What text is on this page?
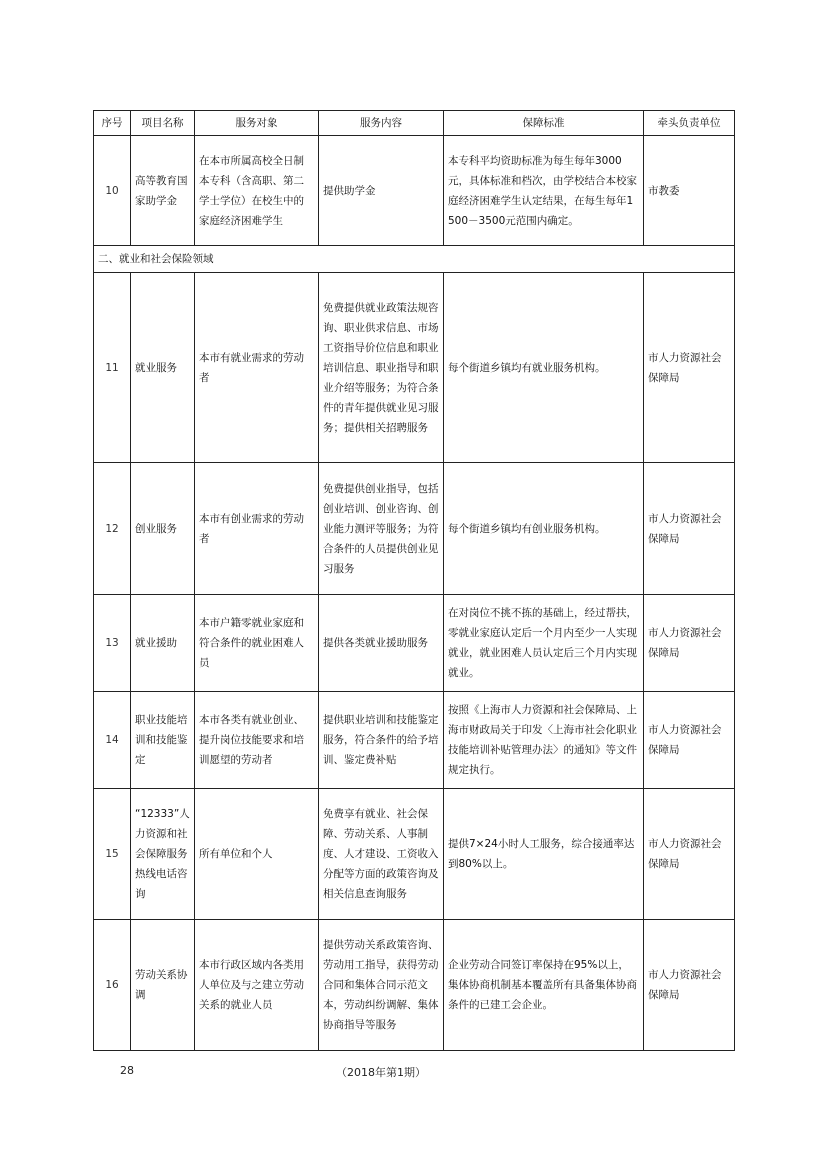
序号	项目名称	服务对象	服务内容	保障标准	牵头负责单位
10	高等教育国家助学金	在本市所属高校全日制本专科（含高职、第二学士学位）在校生中的家庭经济困难学生	提供助学金	本专科平均资助标准为每生每年3000元，具体标准和档次，由学校结合本校家庭经济困难学生认定结果，在每生每年1500－3500元范围内确定。	市教委
二、就业和社会保险领域					
11	就业服务	本市有就业需求的劳动者	免费提供就业政策法规咨询、职业供求信息、市场工资指导价位信息和职业培训信息、职业指导和职业介绍等服务；为符合条件的青年提供就业见习服务；提供相关招聘服务	每个街道乡镇均有就业服务机构。	市人力资源社会保障局
12	创业服务	本市有创业需求的劳动者	免费提供创业指导，包括创业培训、创业咨询、创业能力测评等服务；为符合条件的人员提供创业见习服务	每个街道乡镇均有创业服务机构。	市人力资源社会保障局
13	就业援助	本市户籍零就业家庭和符合条件的就业困难人员	提供各类就业援助服务	在对岗位不挑不拣的基础上，经过帮扶，零就业家庭认定后一个月内至少一人实现就业，就业困难人员认定后三个月内实现就业。	市人力资源社会保障局
14	职业技能培训和技能鉴定	本市各类有就业创业、提升岗位技能要求和培训愿望的劳动者	提供职业培训和技能鉴定服务，符合条件的给予培训、鉴定费补贴	按照《上海市人力资源和社会保障局、上海市财政局关于印发〈上海市社会化职业技能培训补贴管理办法〉的通知》等文件规定执行。	市人力资源社会保障局
15	“12333”人力资源和社会保障服务热线电话咨询	所有单位和个人	免费享有就业、社会保障、劳动关系、人事制度、人才建设、工资收入分配等方面的政策咨询及相关信息查询服务	提供7×24小时人工服务，综合接通率达到80%以上。	市人力资源社会保障局
16	劳动关系协调	本市行政区域内各类用人单位及与之建立劳动关系的就业人员	提供劳动关系政策咨询、劳动用工指导，获得劳动合同和集体合同示范文本，劳动纠纷调解、集体协商指导等服务	企业劳动合同签订率保持在95%以上，集体协商机制基本覆盖所有具备集体协商条件的已建工会企业。	市人力资源社会保障局
28	（2018年第1期）
